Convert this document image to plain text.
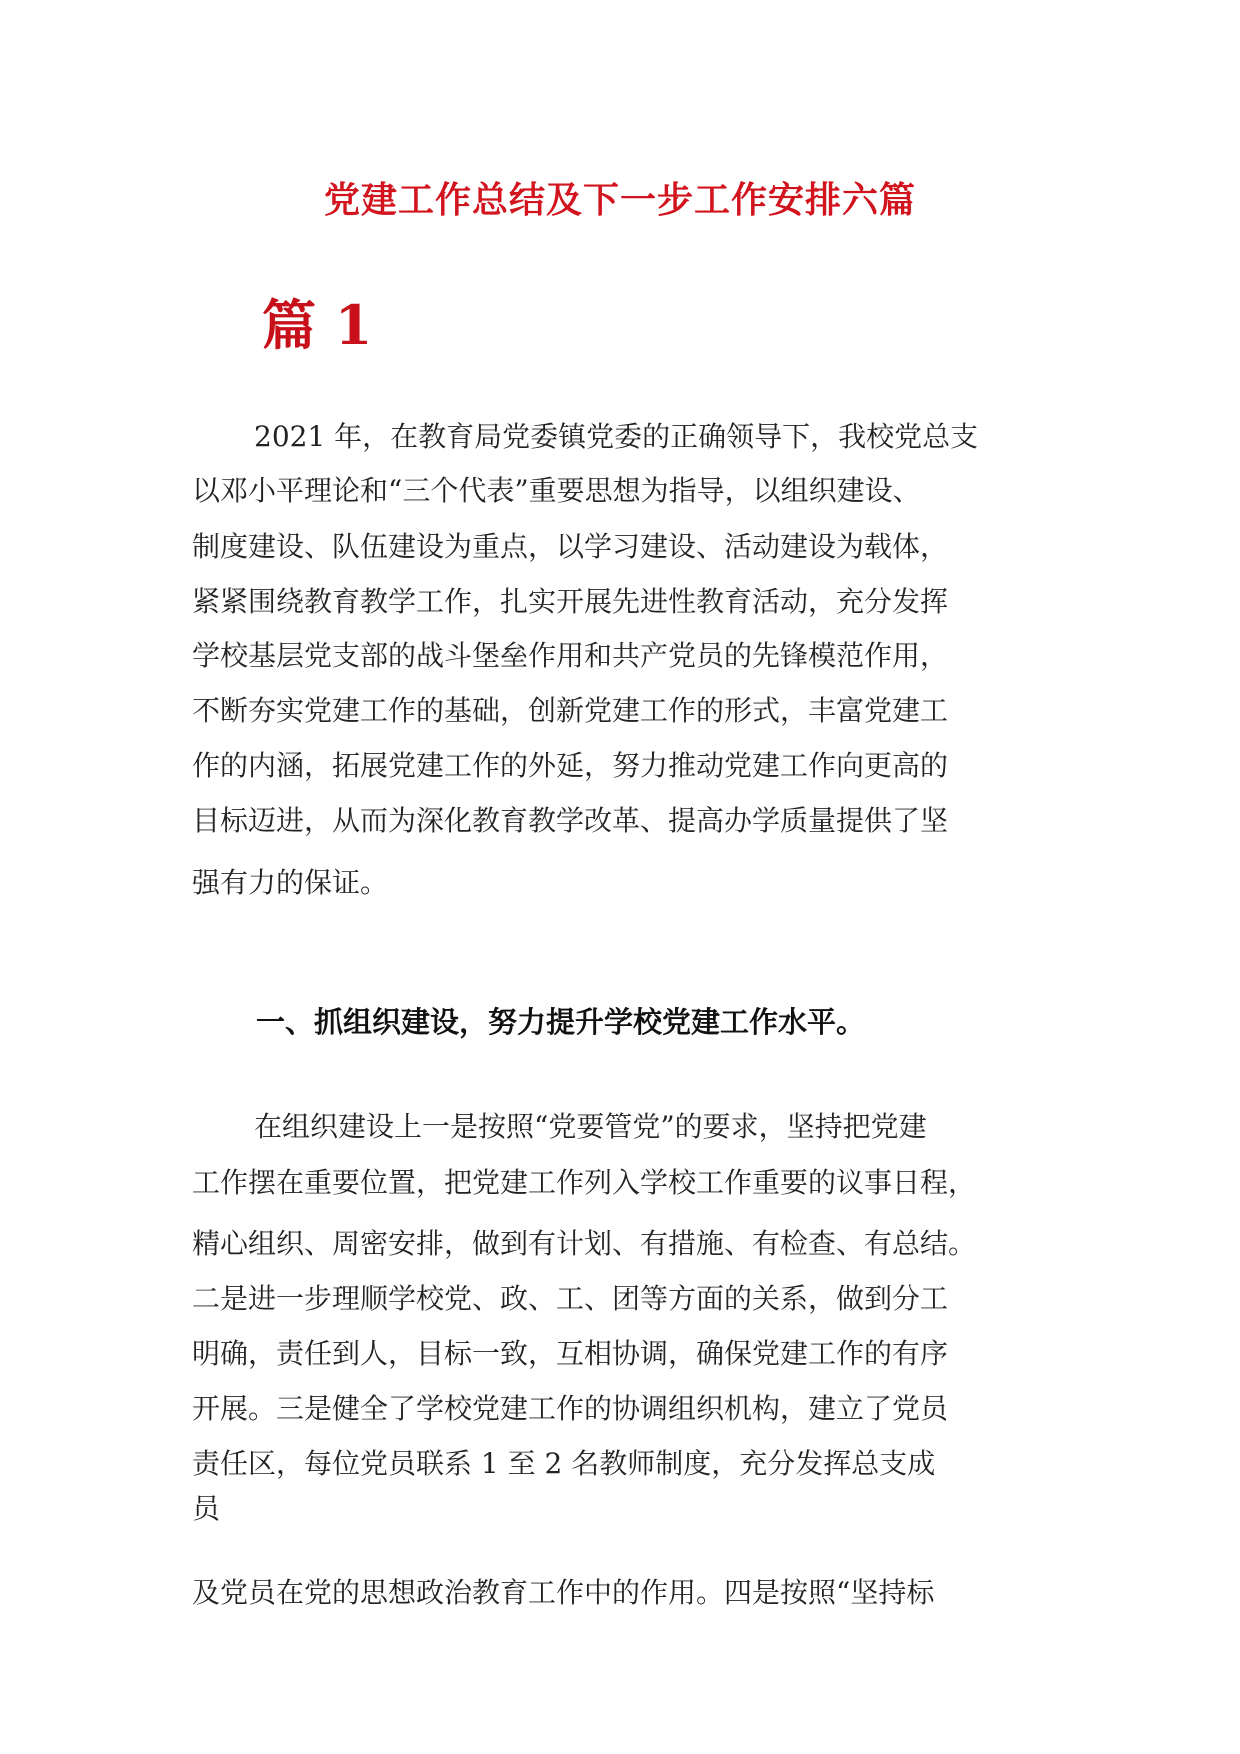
党建工作总结及下一步工作安排六篇
篇 1
2021 年，在教育局党委镇党委的正确领导下，我校党总支
以邓小平理论和“三个代表”重要思想为指导，以组织建设、
制度建设、队伍建设为重点，以学习建设、活动建设为载体，
紧紧围绕教育教学工作，扎实开展先进性教育活动，充分发挥
学校基层党支部的战斗堡垒作用和共产党员的先锋模范作用，
不断夯实党建工作的基础，创新党建工作的形式，丰富党建工
作的内涵，拓展党建工作的外延，努力推动党建工作向更高的
目标迈进，从而为深化教育教学改革、提高办学质量提供了坚
强有力的保证。
一、抓组织建设，努力提升学校党建工作水平。
在组织建设上一是按照“党要管党”的要求，坚持把党建
工作摆在重要位置，把党建工作列入学校工作重要的议事日程，
精心组织、周密安排，做到有计划、有措施、有检查、有总结。
二是进一步理顺学校党、政、工、团等方面的关系，做到分工
明确，责任到人，目标一致，互相协调，确保党建工作的有序
开展。三是健全了学校党建工作的协调组织机构，建立了党员
责任区，每位党员联系 1 至 2 名教师制度，充分发挥总支成
员
及党员在党的思想政治教育工作中的作用。四是按照“坚持标
